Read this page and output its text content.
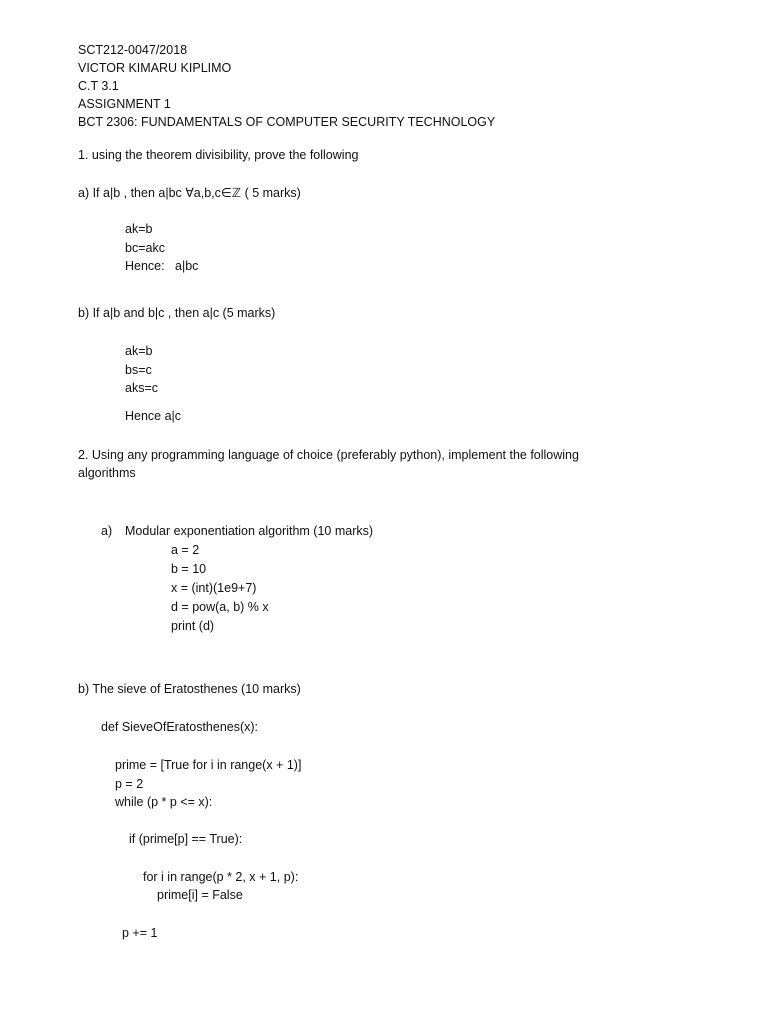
SCT212-0047/2018
VICTOR KIMARU KIPLIMO
C.T 3.1
ASSIGNMENT 1
BCT 2306: FUNDAMENTALS OF COMPUTER SECURITY TECHNOLOGY
1. using the theorem divisibility, prove the following
a) If a|b , then a|bc ∀a,b,c∈ℤ ( 5 marks)
ak=b
bc=akc
Hence:   a|bc
b) If a|b and b|c , then a|c (5 marks)
ak=b
bs=c
aks=c
Hence a|c
2. Using any programming language of choice (preferably python), implement the following
algorithms
a) Modular exponentiation algorithm (10 marks)
a = 2
b = 10
x = (int)(1e9+7)
d = pow(a, b) % x
print (d)
b) The sieve of Eratosthenes (10 marks)
def SieveOfEratosthenes(x):
prime = [True for i in range(x + 1)]
p = 2
while (p * p <= x):
if (prime[p] == True):
for i in range(p * 2, x + 1, p):
prime[i] = False
p += 1
